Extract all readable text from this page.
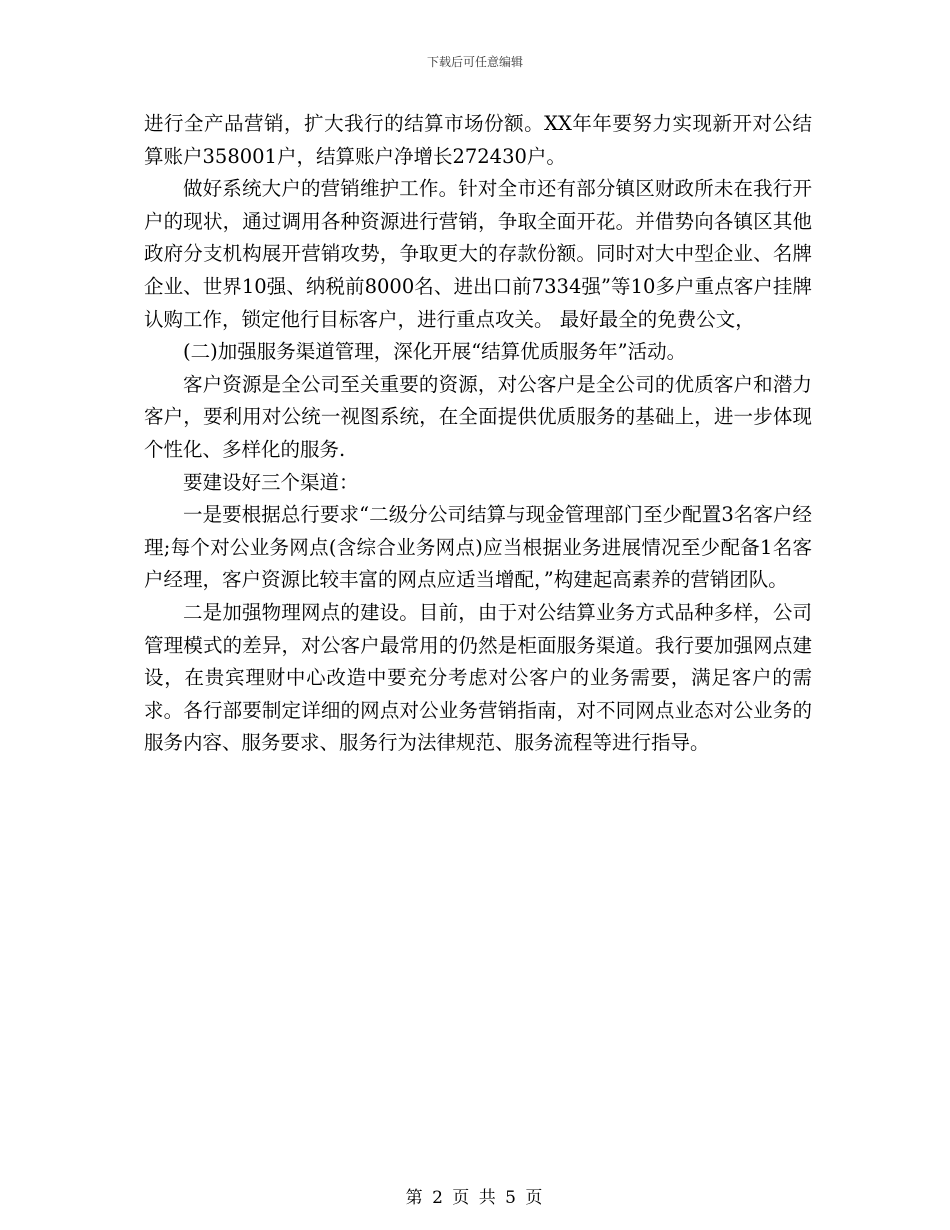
下载后可任意编辑

进行全产品营销，扩大我行的结算市场份额。XX年年要努力实现新开对公结算账户358001户，结算账户净增长272430户。

做好系统大户的营销维护工作。针对全市还有部分镇区财政所未在我行开户的现状，通过调用各种资源进行营销，争取全面开花。并借势向各镇区其他政府分支机构展开营销攻势，争取更大的存款份额。同时对大中型企业、名牌企业、世界10强、纳税前8000名、进出口前7334强”等10多户重点客户挂牌认购工作，锁定他行目标客户，进行重点攻关。 最好最全的免费公文，

(二)加强服务渠道管理，深化开展“结算优质服务年”活动。

客户资源是全公司至关重要的资源，对公客户是全公司的优质客户和潜力客户，要利用对公统一视图系统，在全面提供优质服务的基础上，进一步体现个性化、多样化的服务.

要建设好三个渠道：

一是要根据总行要求“二级分公司结算与现金管理部门至少配置3名客户经理;每个对公业务网点(含综合业务网点)应当根据业务进展情况至少配备1名客户经理，客户资源比较丰富的网点应适当增配，”构建起高素养的营销团队。

二是加强物理网点的建设。目前，由于对公结算业务方式品种多样，公司管理模式的差异，对公客户最常用的仍然是柜面服务渠道。我行要加强网点建设，在贵宾理财中心改造中要充分考虑对公客户的业务需要，满足客户的需求。各行部要制定详细的网点对公业务营销指南，对不同网点业态对公业务的服务内容、服务要求、服务行为法律规范、服务流程等进行指导。

第 2 页 共 5 页
